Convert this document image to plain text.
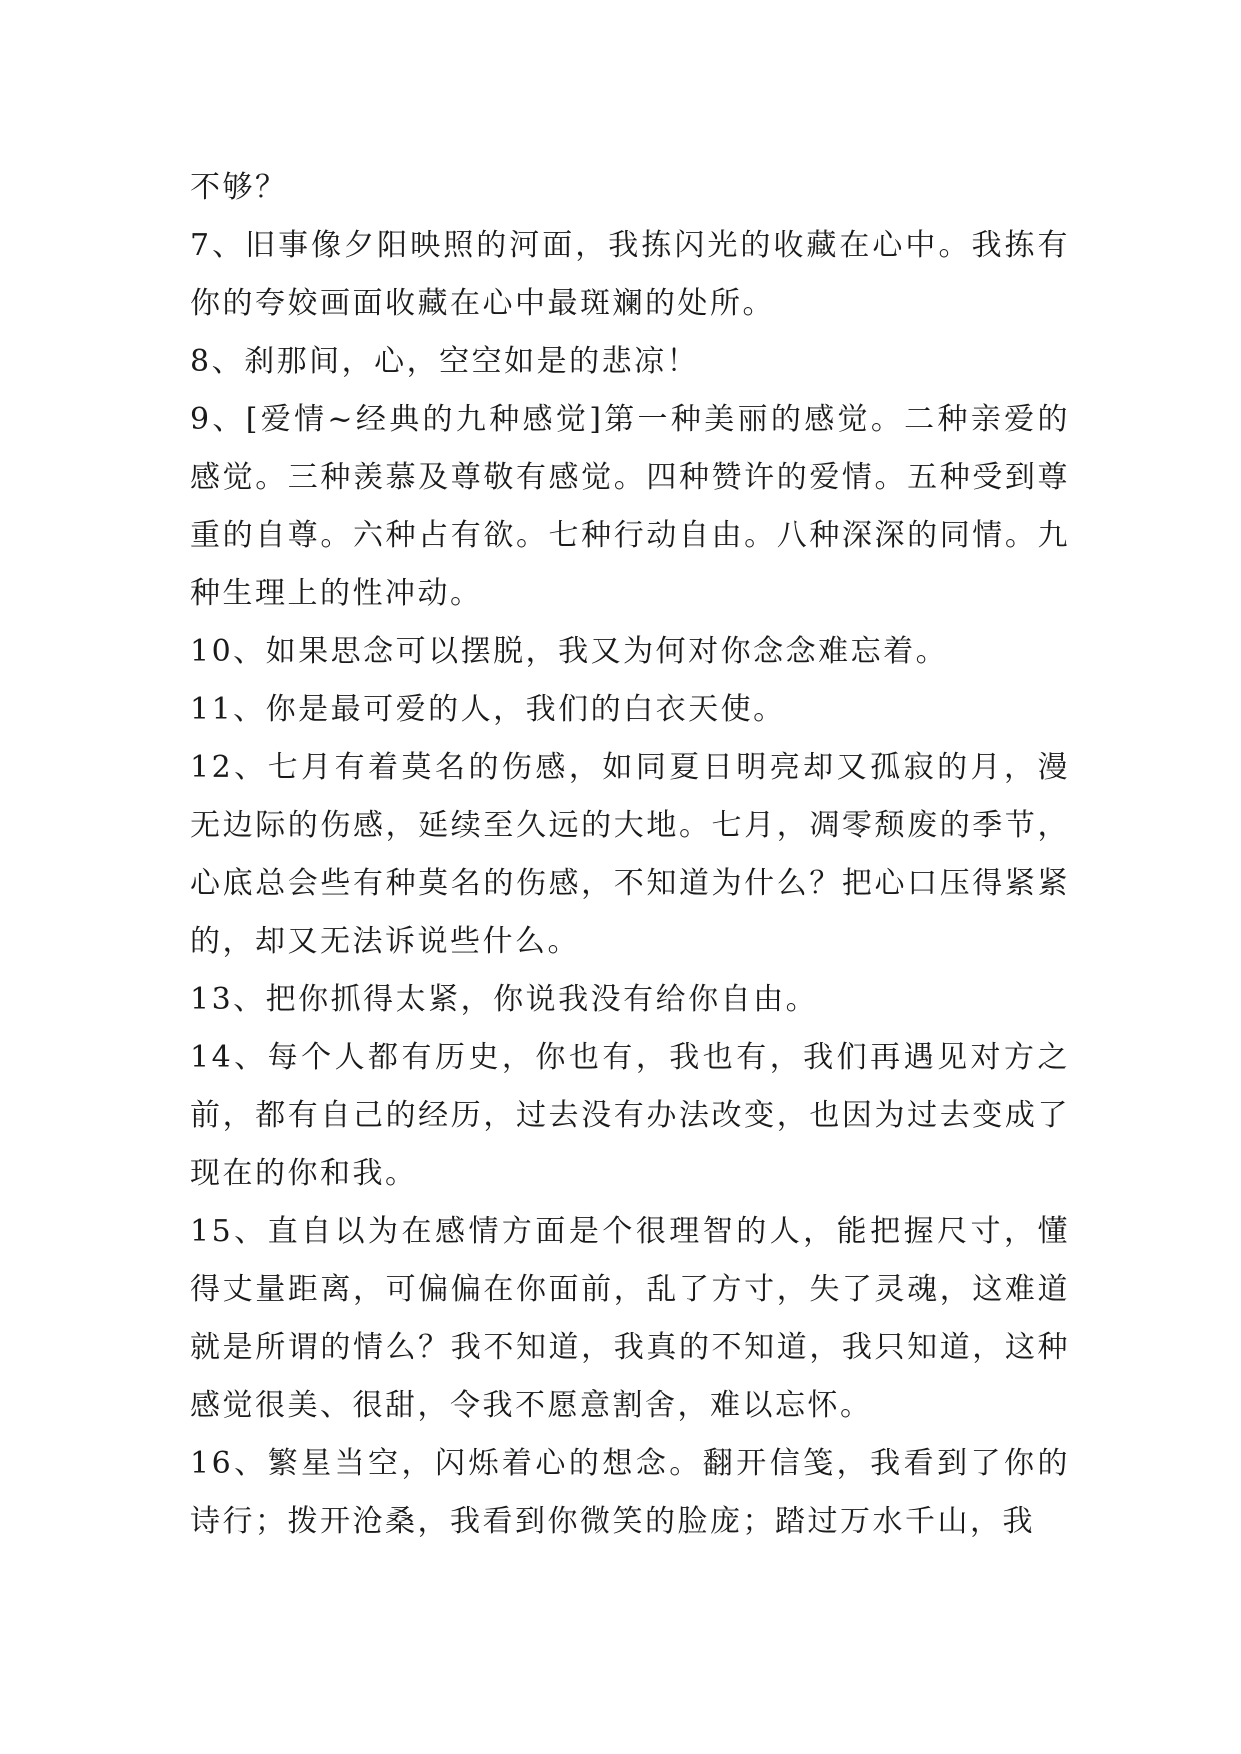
不够？

7、旧事像夕阳映照的河面，我拣闪光的收藏在心中。我拣有你的夸姣画面收藏在心中最斑斓的处所。

8、刹那间，心，空空如是的悲凉！

9、[爱情~经典的九种感觉]第一种美丽的感觉。二种亲爱的感觉。三种羡慕及尊敬有感觉。四种赞许的爱情。五种受到尊重的自尊。六种占有欲。七种行动自由。八种深深的同情。九种生理上的性冲动。

10、如果思念可以摆脱，我又为何对你念念难忘着。

11、你是最可爱的人，我们的白衣天使。

12、七月有着莫名的伤感，如同夏日明亮却又孤寂的月，漫无边际的伤感，延续至久远的大地。七月，凋零颓废的季节，心底总会些有种莫名的伤感，不知道为什么？把心口压得紧紧的，却又无法诉说些什么。

13、把你抓得太紧，你说我没有给你自由。

14、每个人都有历史，你也有，我也有，我们再遇见对方之前，都有自己的经历，过去没有办法改变，也因为过去变成了现在的你和我。

15、直自以为在感情方面是个很理智的人，能把握尺寸，懂得丈量距离，可偏偏在你面前，乱了方寸，失了灵魂，这难道就是所谓的情么？我不知道，我真的不知道，我只知道，这种感觉很美、很甜，令我不愿意割舍，难以忘怀。

16、繁星当空，闪烁着心的想念。翻开信笺，我看到了你的诗行；拨开沧桑，我看到你微笑的脸庞；踏过万水千山，我
